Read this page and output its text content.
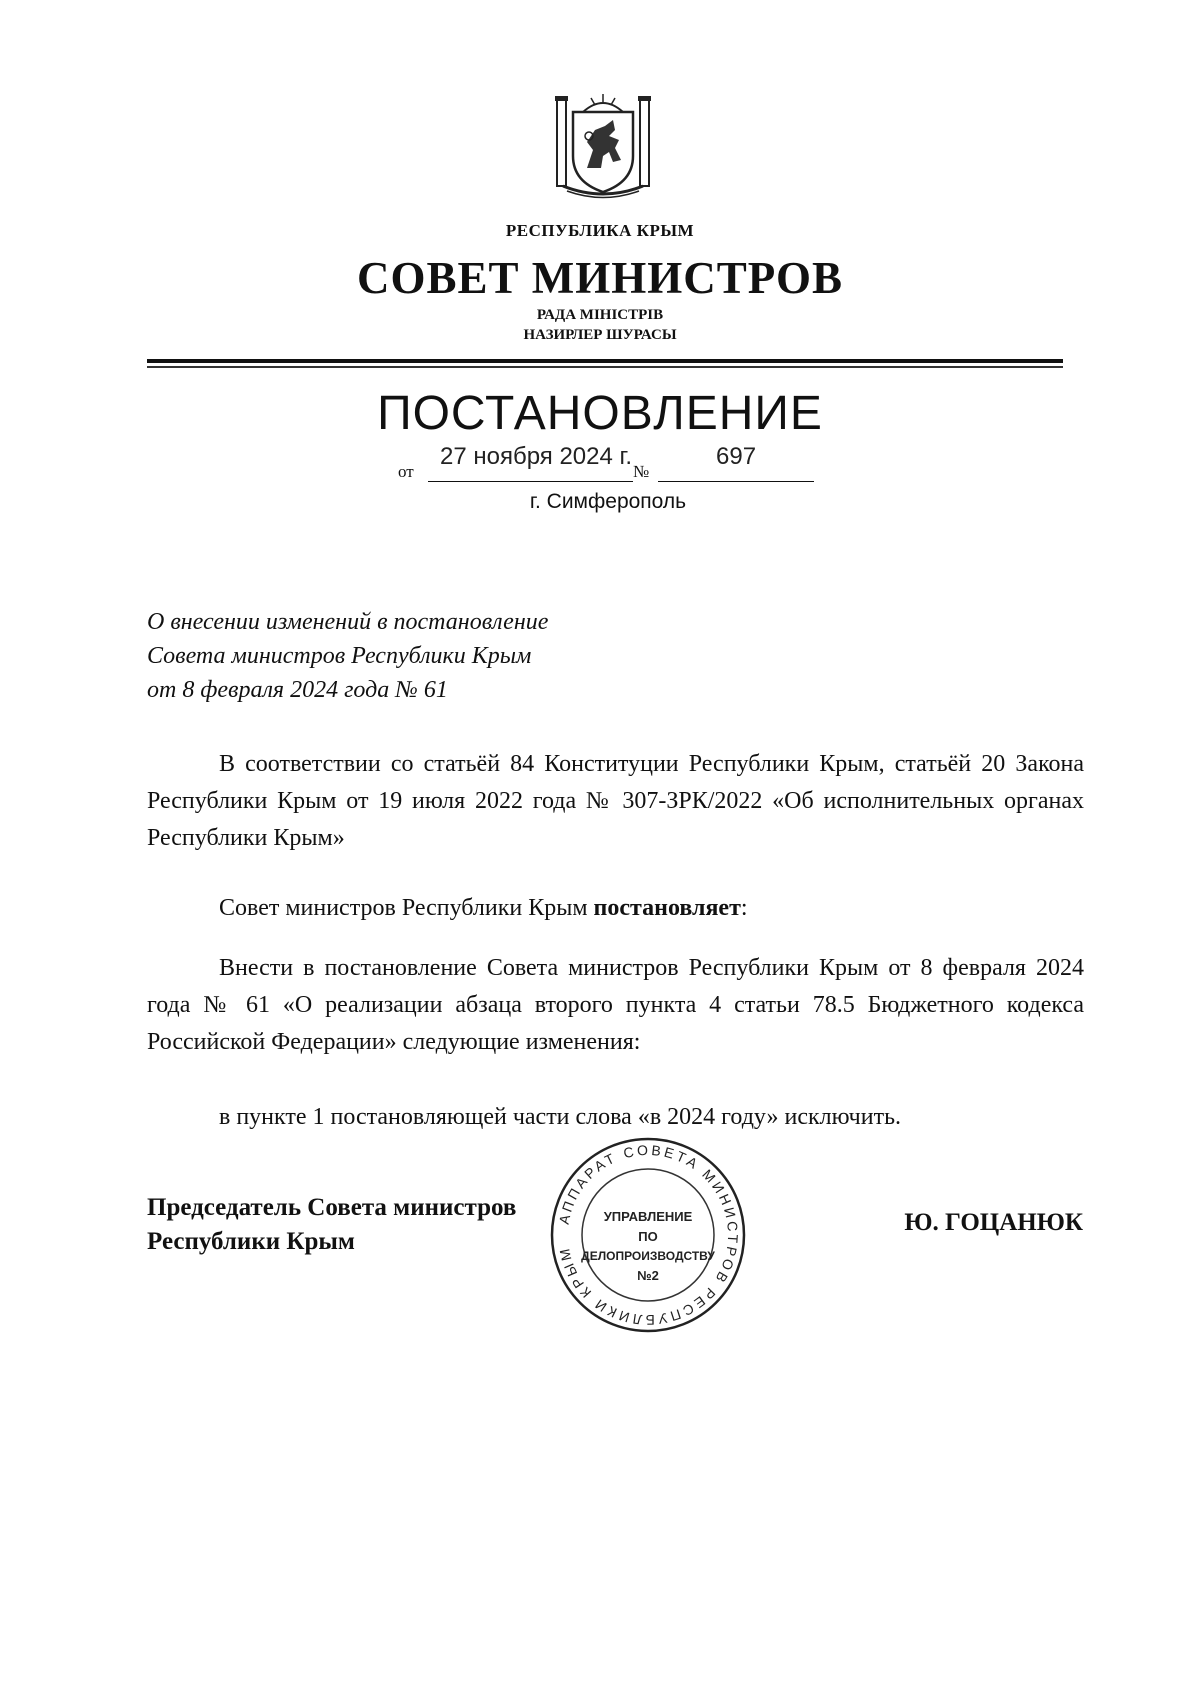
РЕСПУБЛИКА КРЫМ
СОВЕТ МИНИСТРОВ
РАДА МІНІСТРІВ
НАЗИРЛЕР ШУРАСЫ
ПОСТАНОВЛЕНИЕ
от
27 ноября 2024 г.
№
697
г. Симферополь
О внесении изменений в постановление
Совета министров Республики Крым
от 8 февраля 2024 года № 61
В соответствии со статьёй 84 Конституции Республики Крым, статьёй 20 Закона Республики Крым от 19 июля 2022 года № 307-ЗРК/2022 «Об исполнительных органах Республики Крым»
Совет министров Республики Крым постановляет:
Внести в постановление Совета министров Республики Крым от 8 февраля 2024 года № 61 «О реализации абзаца второго пункта 4 статьи 78.5 Бюджетного кодекса Российской Федерации» следующие изменения:
в пункте 1 постановляющей части слова «в 2024 году» исключить.
Председатель Совета министров
Республики Крым
Ю. ГОЦАНЮК
АППАРАТ СОВЕТА МИНИСТРОВ РЕСПУБЛИКИ КРЫМ
УПРАВЛЕНИЕ
ПО
ДЕЛОПРОИЗВОДСТВУ
№2
